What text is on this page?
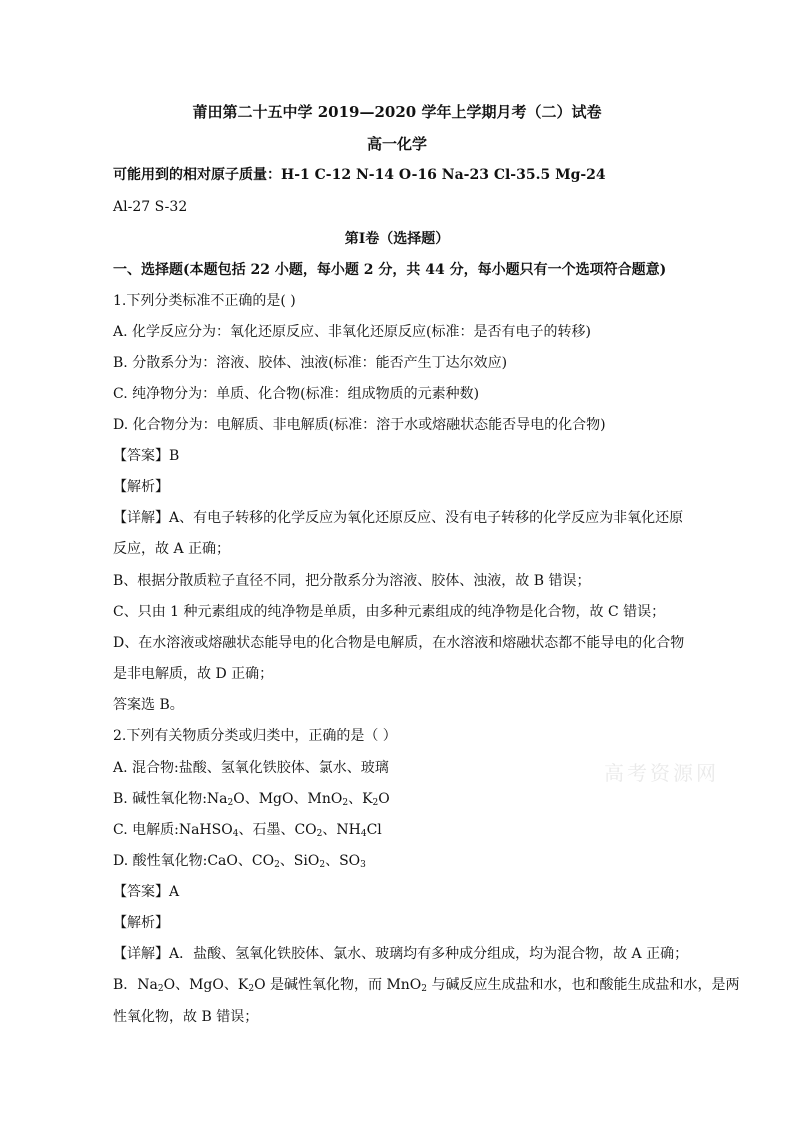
莆田第二十五中学 2019—2020 学年上学期月考（二）试卷
高一化学
可能用到的相对原子质量：H-1 C-12 N-14 O-16 Na-23 Cl-35.5 Mg-24
Al-27 S-32
第Ⅰ卷（选择题）
一、选择题(本题包括 22 小题，每小题 2 分，共 44 分，每小题只有一个选项符合题意)
1.下列分类标准不正确的是( )
A. 化学反应分为：氧化还原反应、非氧化还原反应(标准：是否有电子的转移)
B. 分散系分为：溶液、胶体、浊液(标准：能否产生丁达尔效应)
C. 纯净物分为：单质、化合物(标准：组成物质的元素种数)
D. 化合物分为：电解质、非电解质(标准：溶于水或熔融状态能否导电的化合物)
【答案】B
【解析】
【详解】A、有电子转移的化学反应为氧化还原反应、没有电子转移的化学反应为非氧化还原
反应，故 A 正确；
B、根据分散质粒子直径不同，把分散系分为溶液、胶体、浊液，故 B 错误；
C、只由 1 种元素组成的纯净物是单质，由多种元素组成的纯净物是化合物，故 C 错误；
D、在水溶液或熔融状态能导电的化合物是电解质，在水溶液和熔融状态都不能导电的化合物
是非电解质，故 D 正确；
答案选 B。
2.下列有关物质分类或归类中，正确的是（ ）
A. 混合物:盐酸、氢氧化铁胶体、氯水、玻璃
B. 碱性氧化物$:Na_2O$、MgO、MnO$_2$、$K_2O$
C. 电解质:NaHSO$_4$、石墨、$CO_2$、$NH_4Cl$
D. 酸性氧化物:CaO、$CO_2$、SiO$_2$、$SO_3$
【答案】A
【解析】
【详解】A．盐酸、氢氧化铁胶体、氯水、玻璃均有多种成分组成，均为混合物，故 A 正确；
B．$Na_2O$、MgO、$K_2O$ 是碱性氧化物，而 MnO$_2$ 与碱反应生成盐和水，也和酸能生成盐和水，是两
性氧化物，故 B 错误；
高考资源网
